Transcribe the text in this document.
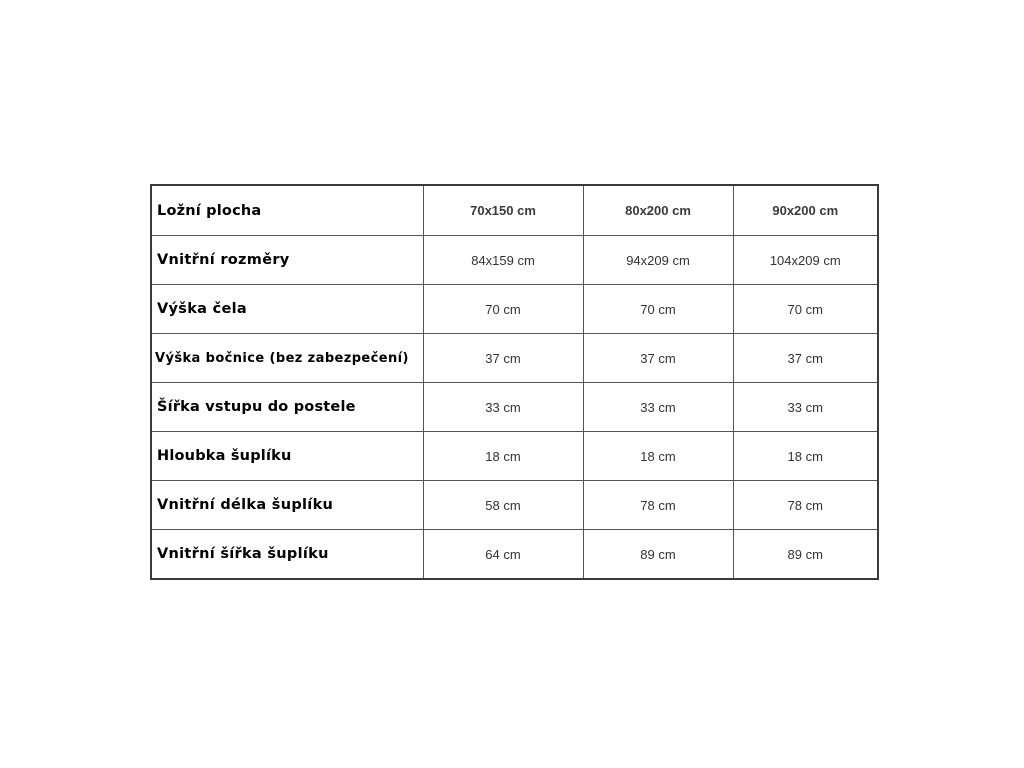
Ložní plocha	70x150 cm	80x200 cm	90x200 cm
Vnitřní rozměry	84x159 cm	94x209 cm	104x209 cm
Výška čela	70 cm	70 cm	70 cm
Výška bočnice (bez zabezpečení)	37 cm	37 cm	37 cm
Šířka vstupu do postele	33 cm	33 cm	33 cm
Hloubka šuplíku	18 cm	18 cm	18 cm
Vnitřní délka šuplíku	58 cm	78 cm	78 cm
Vnitřní šířka šuplíku	64 cm	89 cm	89 cm
